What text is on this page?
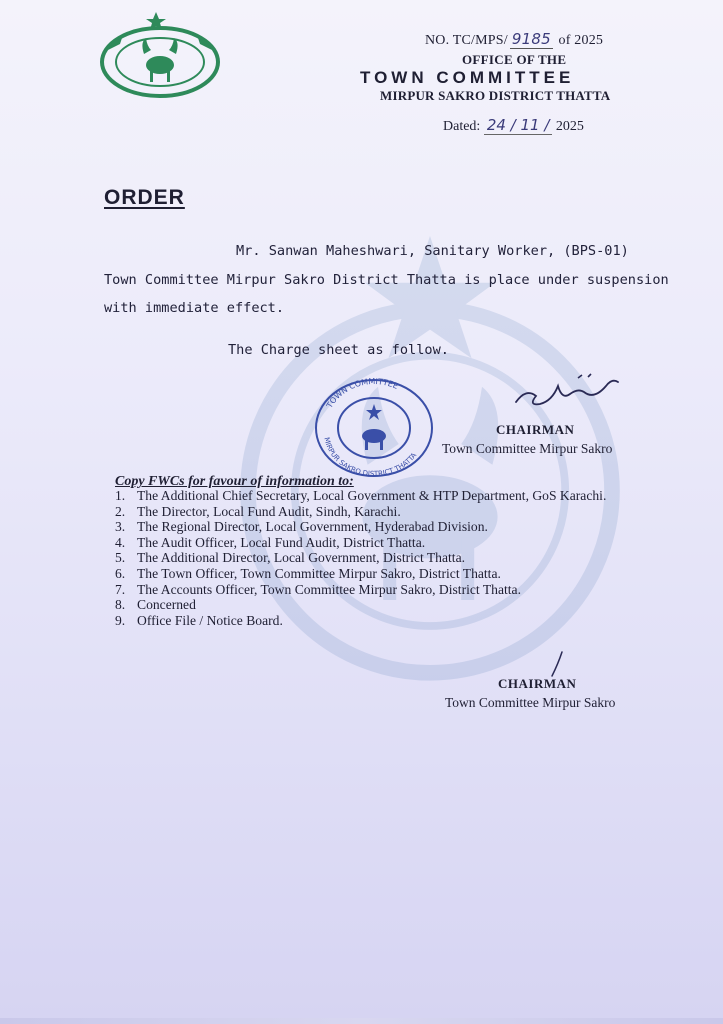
NO. TC/MPS/ 9185 of 2025
OFFICE OF THE
TOWN COMMITTEE
MIRPUR SAKRO DISTRICT THATTA
Dated: 24 / 11 / 2025
ORDER
Mr. Sanwan Maheshwari, Sanitary Worker, (BPS-01)
Town Committee Mirpur Sakro District Thatta is place under suspension
with immediate effect.
The Charge sheet as follow.
TOWN COMMITTEE
MIRPUR SAKRO DISTRICT THATTA
CHAIRMAN
Town Committee Mirpur Sakro
Copy FWCs for favour of information to:
1. The Additional Chief Secretary, Local Government & HTP Department, GoS Karachi.
2. The Director, Local Fund Audit, Sindh, Karachi.
3. The Regional Director, Local Government, Hyderabad Division.
4. The Audit Officer, Local Fund Audit, District Thatta.
5. The Additional Director, Local Government, District Thatta.
6. The Town Officer, Town Committee Mirpur Sakro, District Thatta.
7. The Accounts Officer, Town Committee Mirpur Sakro, District Thatta.
8. Concerned
9. Office File / Notice Board.
CHAIRMAN
Town Committee Mirpur Sakro
